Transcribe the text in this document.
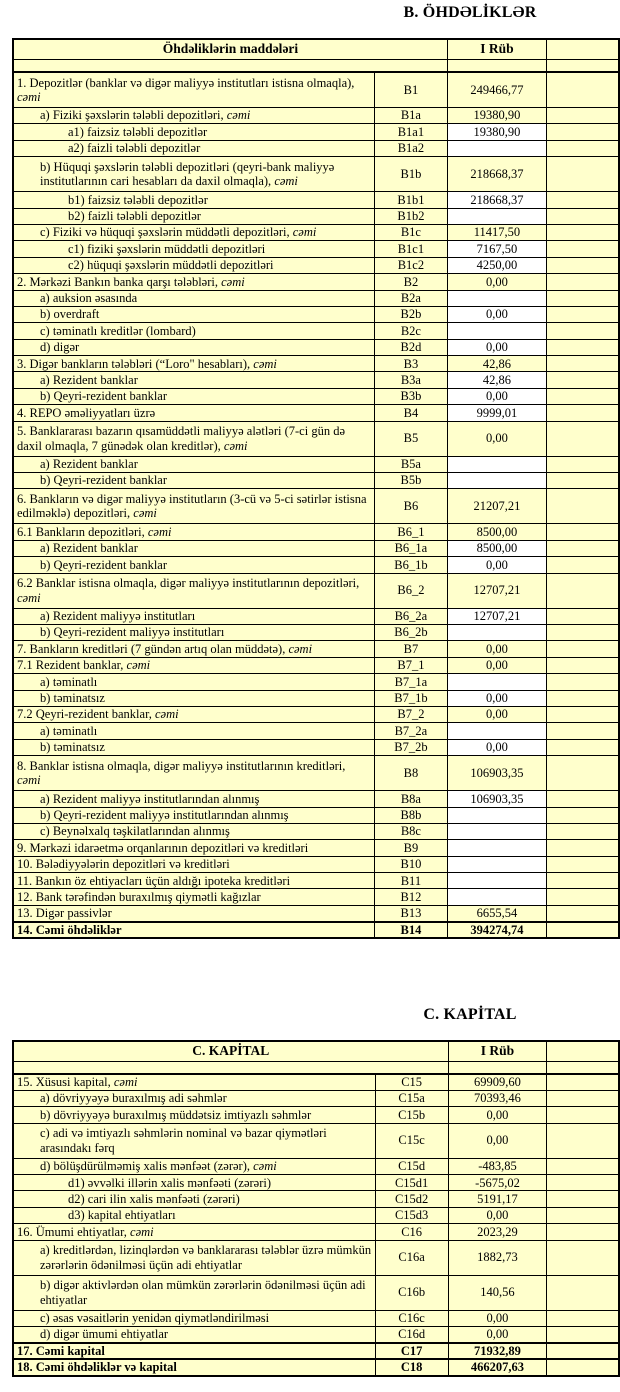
B. ÖHDƏLİKLƏR
Öhdəliklərin maddələri		I Rüb	

1. Depozitlər (banklar və digər maliyyə institutları istisna olmaqla), cəmi	B1	249466,77	
a) Fiziki şəxslərin tələbli depozitləri, cəmi	B1a	19380,90	
a1) faizsiz tələbli depozitlər	B1a1	19380,90	
a2) faizli tələbli depozitlər	B1a2		
b) Hüquqi şəxslərin tələbli depozitləri (qeyri-bank maliyyə institutlarının cari hesabları da daxil olmaqla), cəmi	B1b	218668,37	
b1) faizsiz tələbli depozitlər	B1b1	218668,37	
b2) faizli tələbli depozitlər	B1b2		
c) Fiziki və hüquqi şəxslərin müddətli depozitləri, cəmi	B1c	11417,50	
c1) fiziki şəxslərin müddətli depozitləri	B1c1	7167,50	
c2) hüquqi şəxslərin müddətli depozitləri	B1c2	4250,00	
2. Mərkəzi Bankın banka qarşı tələbləri, cəmi	B2	0,00	
a) auksion əsasında	B2a		
b) overdraft	B2b	0,00	
c) təminatlı kreditlər (lombard)	B2c		
d) digər	B2d	0,00	
3. Digər bankların tələbləri (“Loro" hesabları), cəmi	B3	42,86	
a) Rezident banklar	B3a	42,86	
b) Qeyri-rezident banklar	B3b	0,00	
4. REPO əməliyyatları üzrə	B4	9999,01	
5. Banklararası bazarın qısamüddətli maliyyə alətləri (7-ci gün də daxil olmaqla, 7 günədək olan kreditlər), cəmi	B5	0,00	
a) Rezident banklar	B5a		
b) Qeyri-rezident banklar	B5b		
6. Bankların və digər maliyyə institutların (3-cü və 5-ci sətirlər istisna edilməklə) depozitləri, cəmi	B6	21207,21	
6.1 Bankların depozitləri, cəmi	B6_1	8500,00	
a) Rezident banklar	B6_1a	8500,00	
b) Qeyri-rezident banklar	B6_1b	0,00	
6.2 Banklar istisna olmaqla, digər maliyyə institutlarının depozitləri, cəmi	B6_2	12707,21	
a) Rezident maliyyə institutları	B6_2a	12707,21	
b) Qeyri-rezident maliyyə institutları	B6_2b		
7. Bankların kreditləri (7 gündən artıq olan müddətə), cəmi	B7	0,00	
7.1 Rezident banklar, cəmi	B7_1	0,00	
a) təminatlı	B7_1a		
b) təminatsız	B7_1b	0,00	
7.2 Qeyri-rezident banklar, cəmi	B7_2	0,00	
a) təminatlı	B7_2a		
b) təminatsız	B7_2b	0,00	
8. Banklar istisna olmaqla, digər maliyyə institutlarının kreditləri, cəmi	B8	106903,35	
a) Rezident maliyyə institutlarından alınmış	B8a	106903,35	
b) Qeyri-rezident maliyyə institutlarından alınmış	B8b		
c) Beynəlxalq təşkilatlarından alınmış	B8c		
9. Mərkəzi idarəetmə orqanlarının depozitləri və kreditləri	B9		
10. Bələdiyyələrin depozitləri və kreditləri	B10		
11. Bankın öz ehtiyacları üçün aldığı ipoteka kreditləri	B11		
12. Bank tərəfindən buraxılmış qiymətli kağızlar	B12		
13. Digər passivlər	B13	6655,54	
14. Cəmi öhdəliklər	B14	394274,74	
C. KAPİTAL
C. KAPİTAL		I Rüb	

15. Xüsusi kapital, cəmi	C15	69909,60	
a) dövriyyəyə buraxılmış adi səhmlər	C15a	70393,46	
b) dövriyyəyə buraxılmış müddətsiz imtiyazlı səhmlər	C15b	0,00	
c) adi və imtiyazlı səhmlərin nominal və bazar qiymətləri arasındakı fərq	C15c	0,00	
d) bölüşdürülməmiş xalis mənfəət (zərər), cəmi	C15d	-483,85	
d1) əvvəlki illərin xalis mənfəəti (zərəri)	C15d1	-5675,02	
d2) cari ilin xalis mənfəəti (zərəri)	C15d2	5191,17	
d3) kapital ehtiyatları	C15d3	0,00	
16. Ümumi ehtiyatlar, cəmi	C16	2023,29	
a) kreditlərdən, lizinqlərdən və banklararası tələblər üzrə mümkün zərərlərin ödənilməsi üçün adi ehtiyatlar	C16a	1882,73	
b) digər aktivlərdən olan mümkün zərərlərin ödənilməsi üçün adi ehtiyatlar	C16b	140,56	
c) əsas vəsaitlərin yenidən qiymətləndirilməsi	C16c	0,00	
d) digər ümumi ehtiyatlar	C16d	0,00	
17. Cəmi kapital	C17	71932,89	
18. Cəmi öhdəliklər və kapital	C18	466207,63	
